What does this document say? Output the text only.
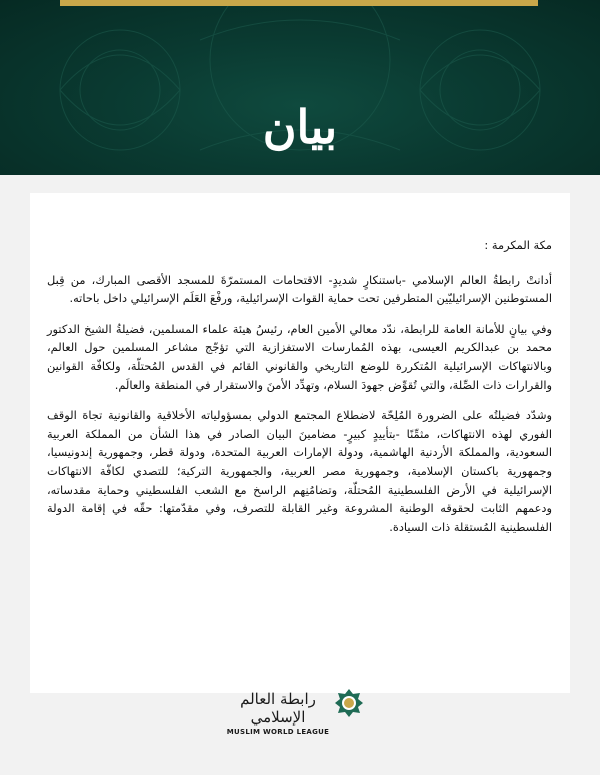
بيان

مكة المكرمة :

أدانتْ رابطةُ العالم الإسلامي -باستنكارٍ شديدٍ- الاقتحامات المستمرّةَ للمسجد الأقصى المبارك، من قِبل المستوطنين الإسرائيليّين المتطرفين تحت حماية القوات الإسرائيلية، ورفْعَ العَلَم الإسرائيلي داخل باحاته.

وفي بيانٍ للأمانة العامة للرابطة، ندّد معالي الأمين العام، رئيسُ هيئة علماء المسلمين، فضيلةُ الشيخ الدكتور محمد بن عبدالكريم العيسى، بهذه المُمارسات الاستفزازية التي تؤجّج مشاعر المسلمين حول العالم، وبالانتهاكات الإسرائيلية المُتكررة للوضع التاريخي والقانوني القائم في القدس المُحتلّة، ولكافّة القوانين والقرارات ذات الصِّلة، والتي تُقوِّض جهودَ السلام، وتهدِّد الأمنَ والاستقرار في المنطقة والعالَم.

وشدّد فضيلتُه على الضرورة المُلِحّة لاضطلاع المجتمع الدولي بمسؤولياته الأخلاقية والقانونية تجاهَ الوقف الفوري لهذه الانتهاكات، مثمِّنًا -بتأييدٍ كبيرٍ- مضامينَ البيان الصادر في هذا الشأن من المملكة العربية السعودية، والمملكة الأردنية الهاشمية، ودولة الإمارات العربية المتحدة، ودولة قطر، وجمهورية إندونيسيا، وجمهورية باكستان الإسلامية، وجمهورية مصر العربية، والجمهورية التركية؛ للتصدي لكافّة الانتهاكات الإسرائيلية في الأرض الفلسطينية المُحتلّة، وتضامُنِهم الراسخ مع الشعب الفلسطيني وحماية مقدساته، ودعمهم الثابت لحقوقه الوطنية المشروعة وغير القابلة للتصرف، وفي مقدّمتها: حقّه في إقامة الدولة الفلسطينية المُستقلة ذات السيادة.

رابطة العالم الإسلامي
MUSLIM WORLD LEAGUE
